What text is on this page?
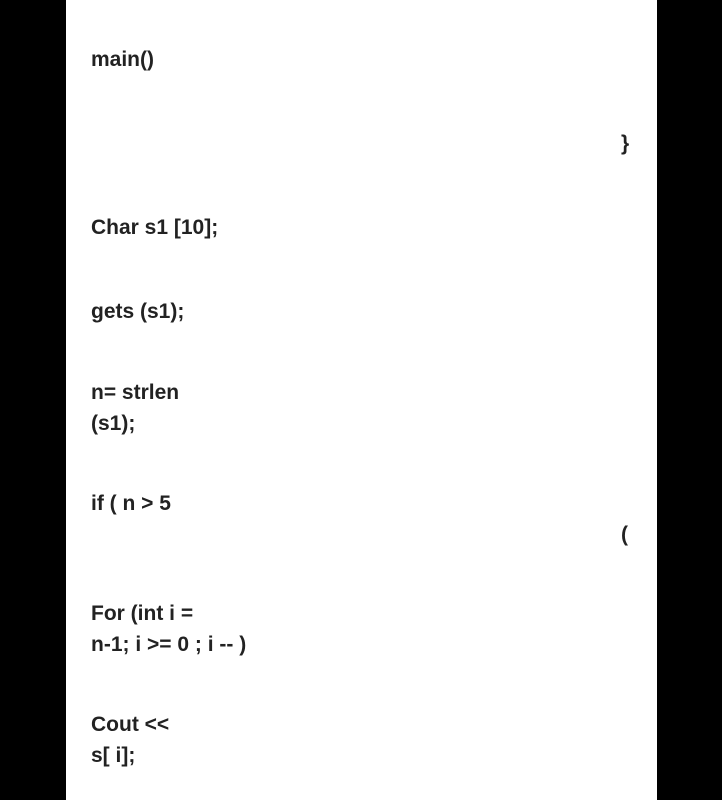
main()
}
Char s1 [10];
gets (s1);
n= strlen
(s1);
if ( n > 5
(
For (int i =
n-1; i >= 0 ; i -- )
Cout <<
s[ i];
